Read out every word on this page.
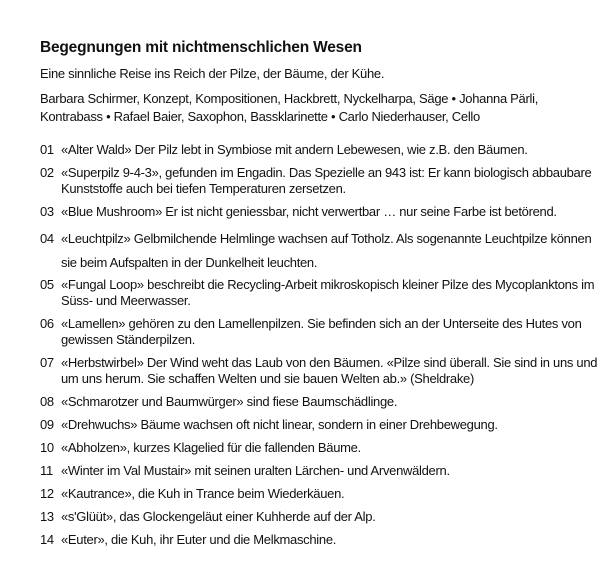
Begegnungen mit nichtmenschlichen Wesen
Eine sinnliche Reise ins Reich der Pilze, der Bäume, der Kühe.
Barbara Schirmer, Konzept, Kompositionen, Hackbrett, Nyckelharpa, Säge • Johanna Pärli, Kontrabass • Rafael Baier, Saxophon, Bassklarinette • Carlo Niederhauser, Cello
01 «Alter Wald» Der Pilz lebt in Symbiose mit andern Lebewesen, wie z.B. den Bäumen.
02 «Superpilz 9-4-3», gefunden im Engadin. Das Spezielle an 943 ist: Er kann biologisch abbaubare Kunststoffe auch bei tiefen Temperaturen zersetzen.
03 «Blue Mushroom» Er ist nicht geniessbar, nicht verwertbar … nur seine Farbe ist betörend.
04 «Leuchtpilz» Gelbmilchende Helmlinge wachsen auf Totholz. Als sogenannte Leuchtpilze können sie beim Aufspalten in der Dunkelheit leuchten.
05 «Fungal Loop» beschreibt die Recycling-Arbeit mikroskopisch kleiner Pilze des Mycoplanktons im Süss- und Meerwasser.
06 «Lamellen» gehören zu den Lamellenpilzen. Sie befinden sich an der Unterseite des Hutes von gewissen Ständerpilzen.
07 «Herbstwirbel» Der Wind weht das Laub von den Bäumen. «Pilze sind überall. Sie sind in uns und um uns herum. Sie schaffen Welten und sie bauen Welten ab.» (Sheldrake)
08 «Schmarotzer und Baumwürger» sind fiese Baumschädlinge.
09 «Drehwuchs» Bäume wachsen oft nicht linear, sondern in einer Drehbewegung.
10 «Abholzen», kurzes Klagelied für die fallenden Bäume.
11 «Winter im Val Mustair» mit seinen uralten Lärchen- und Arvenwäldern.
12 «Kautrance», die Kuh in Trance beim Wiederkäuen.
13 «s'Glüüt», das Glockengeläut einer Kuhherde auf der Alp.
14 «Euter», die Kuh, ihr Euter und die Melkmaschine.
